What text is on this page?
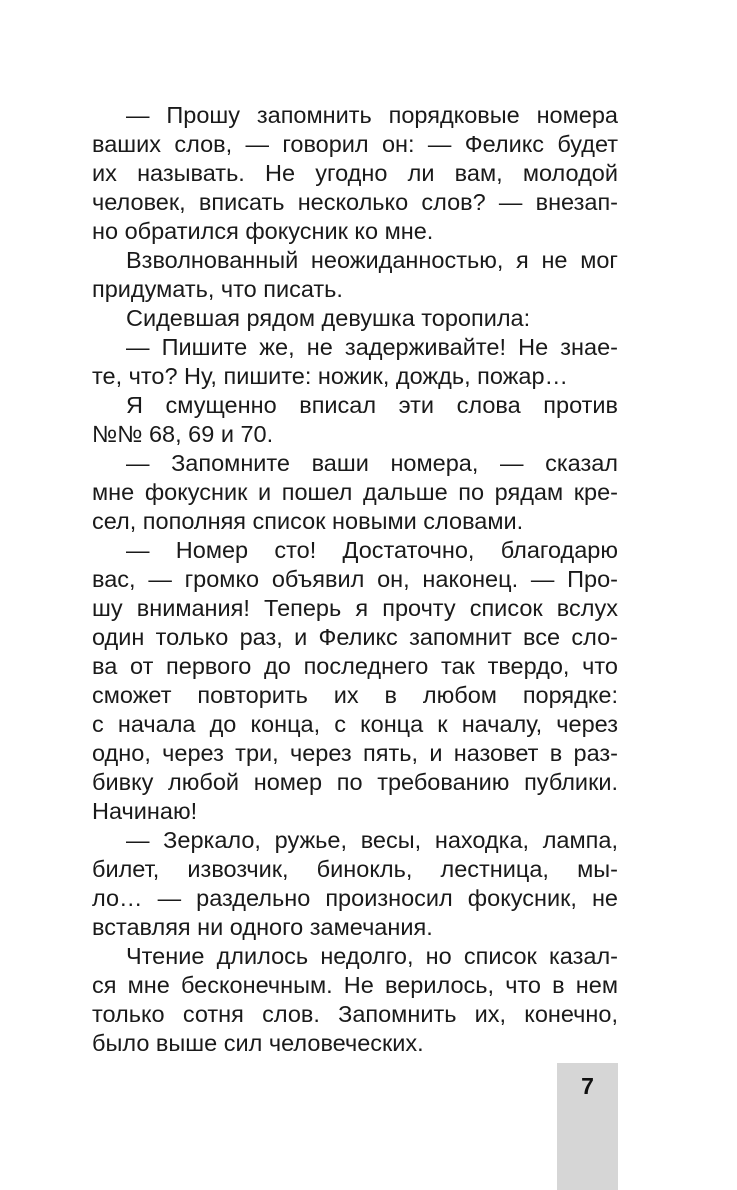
— Прошу запомнить порядковые номера
ваших слов, — говорил он: — Феликс будет
их называть. Не угодно ли вам, молодой
человек, вписать несколько слов? — внезап-
но обратился фокусник ко мне.
Взволнованный неожиданностью, я не мог
придумать, что писать.
Сидевшая рядом девушка торопила:
— Пишите же, не задерживайте! Не знае-
те, что? Ну, пишите: ножик, дождь, пожар…
Я смущенно вписал эти слова против
№№ 68, 69 и 70.
— Запомните ваши номера, — сказал
мне фокусник и пошел дальше по рядам кре-
сел, пополняя список новыми словами.
— Номер сто! Достаточно, благодарю
вас, — громко объявил он, наконец. — Про-
шу внимания! Теперь я прочту список вслух
один только раз, и Феликс запомнит все сло-
ва от первого до последнего так твердо, что
сможет повторить их в любом порядке:
с начала до конца, с конца к началу, через
одно, через три, через пять, и назовет в раз-
бивку любой номер по требованию публики.
Начинаю!
— Зеркало, ружье, весы, находка, лампа,
билет, извозчик, бинокль, лестница, мы-
ло… — раздельно произносил фокусник, не
вставляя ни одного замечания.
Чтение длилось недолго, но список казал-
ся мне бесконечным. Не верилось, что в нем
только сотня слов. Запомнить их, конечно,
было выше сил человеческих.
7
